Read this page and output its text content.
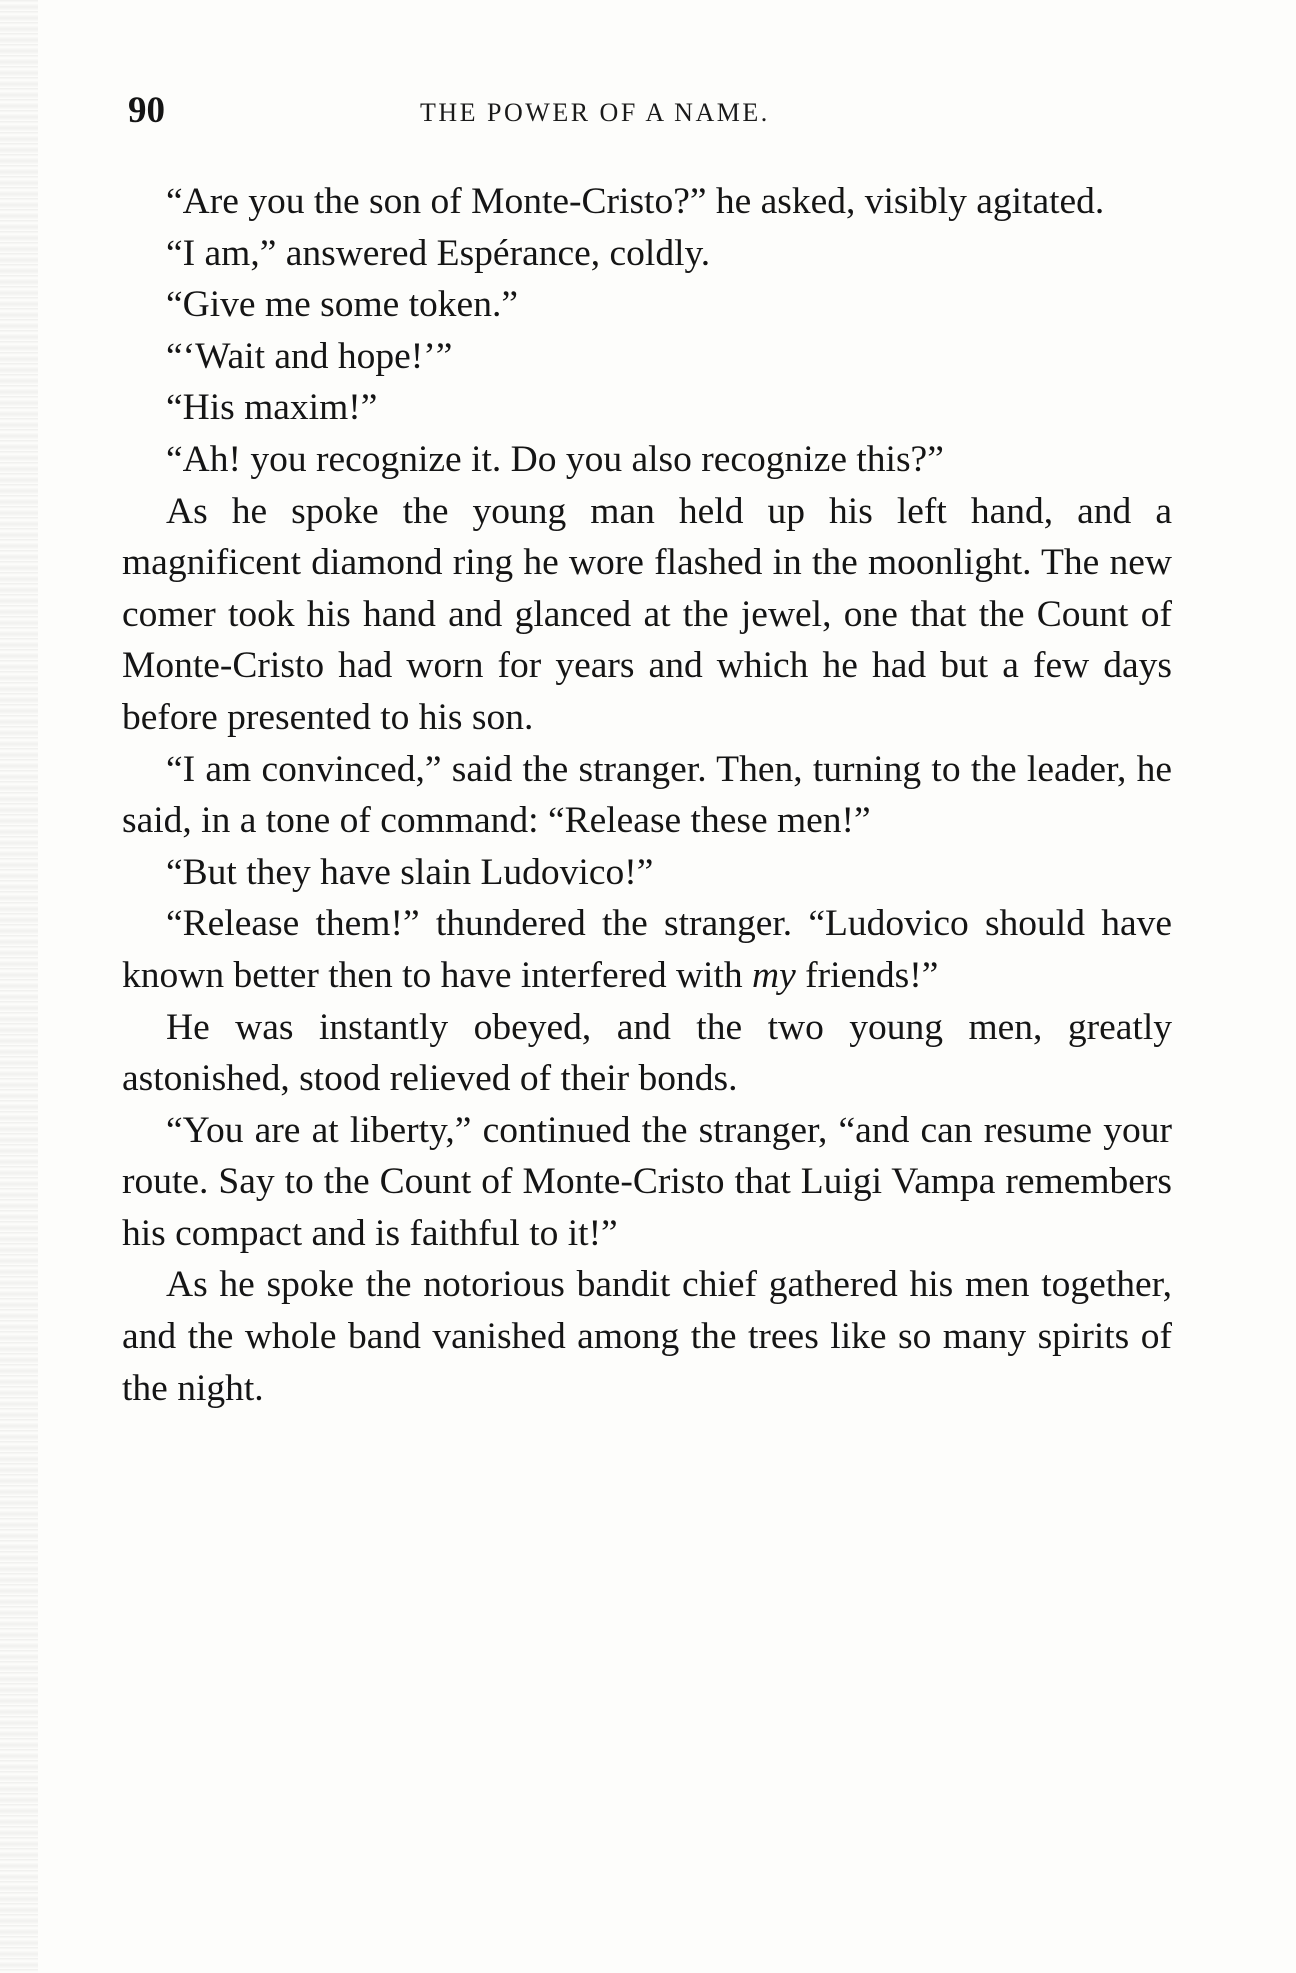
90	THE POWER OF A NAME.

“Are you the son of Monte-Cristo?” he asked, visibly agitated.

“I am,” answered Espérance, coldly.

“Give me some token.”

“‘Wait and hope!’”

“His maxim!”

“Ah! you recognize it. Do you also recognize this?”

As he spoke the young man held up his left hand, and a magnificent diamond ring he wore flashed in the moonlight. The new comer took his hand and glanced at the jewel, one that the Count of Monte-Cristo had worn for years and which he had but a few days before presented to his son.

“I am convinced,” said the stranger. Then, turning to the leader, he said, in a tone of command: “Release these men!”

“But they have slain Ludovico!”

“Release them!” thundered the stranger. “Ludovico should have known better then to have interfered with my friends!”

He was instantly obeyed, and the two young men, greatly astonished, stood relieved of their bonds.

“You are at liberty,” continued the stranger, “and can resume your route. Say to the Count of Monte-Cristo that Luigi Vampa remembers his compact and is faithful to it!”

As he spoke the notorious bandit chief gathered his men together, and the whole band vanished among the trees like so many spirits of the night.
